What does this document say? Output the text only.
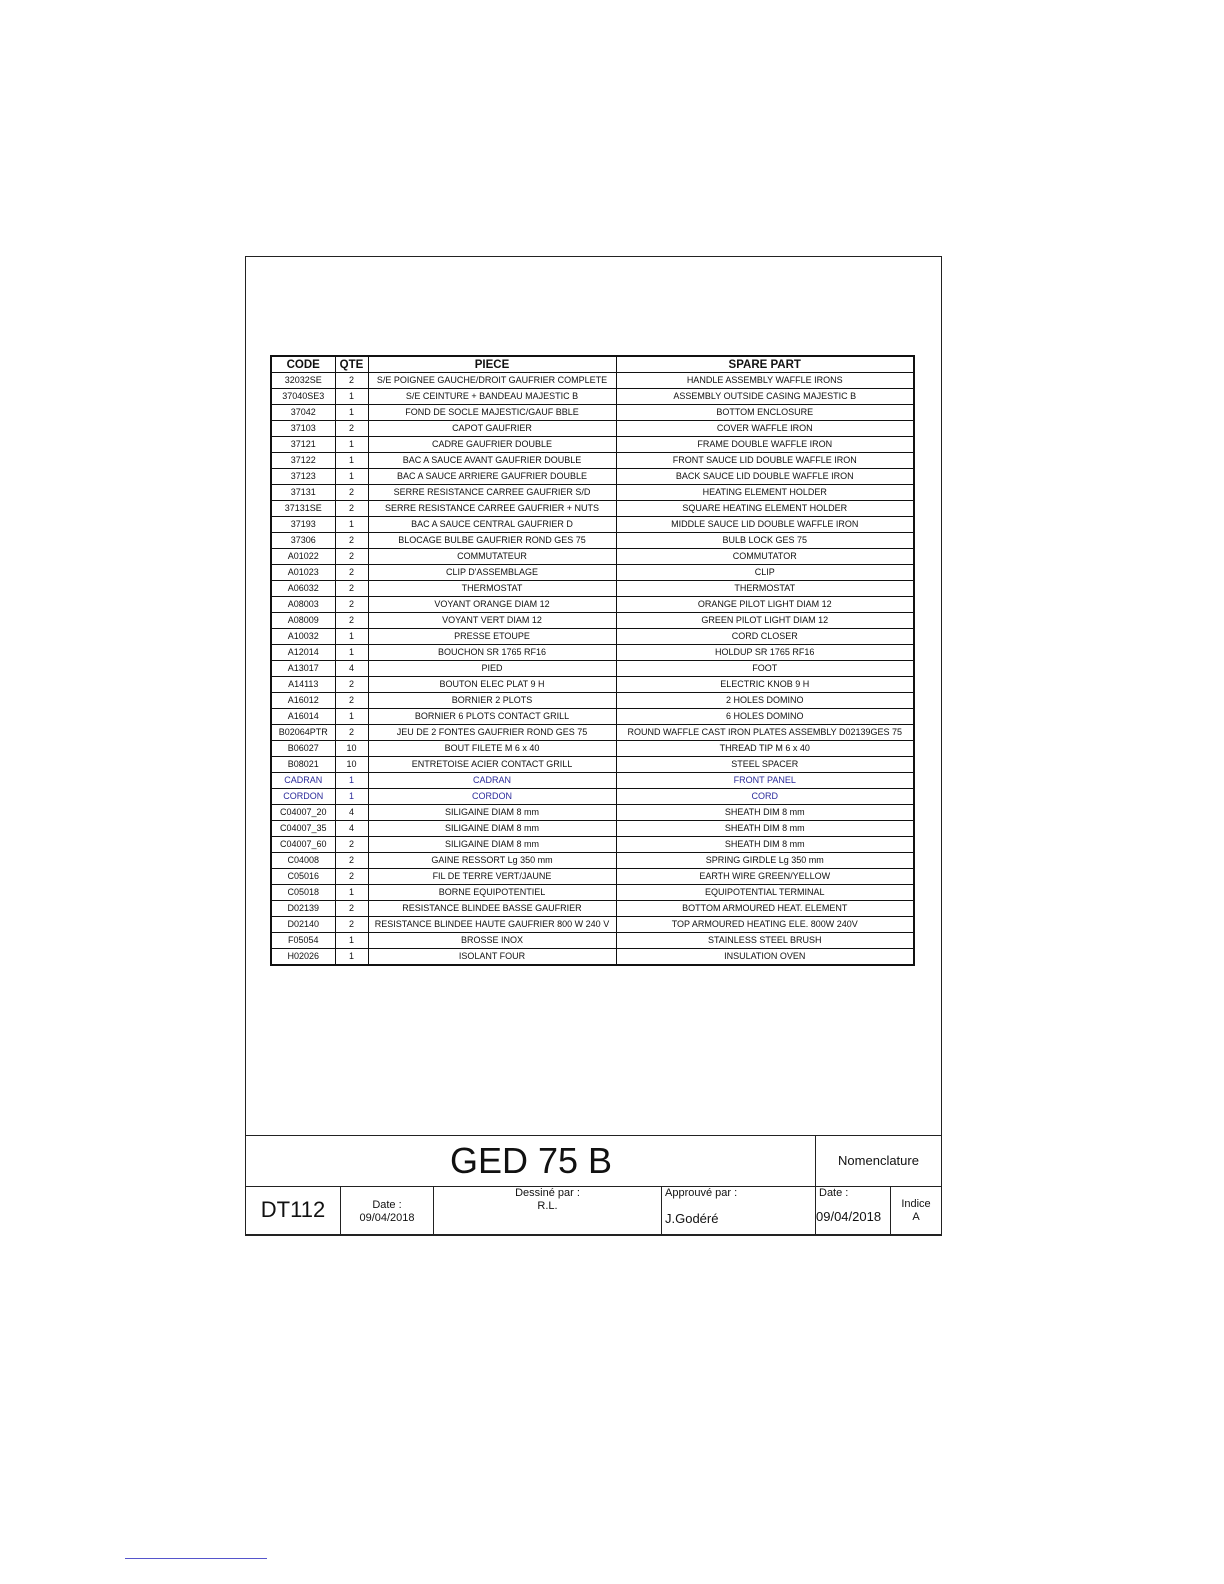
CODE	QTE	PIECE	SPARE PART
32032SE	2	S/E POIGNEE GAUCHE/DROIT GAUFRIER COMPLETE	HANDLE ASSEMBLY WAFFLE IRONS
37040SE3	1	S/E CEINTURE + BANDEAU MAJESTIC B	ASSEMBLY OUTSIDE CASING MAJESTIC B
37042	1	FOND DE SOCLE MAJESTIC/GAUF BBLE	BOTTOM ENCLOSURE
37103	2	CAPOT GAUFRIER	COVER WAFFLE IRON
37121	1	CADRE GAUFRIER DOUBLE	FRAME DOUBLE WAFFLE IRON
37122	1	BAC A SAUCE AVANT GAUFRIER DOUBLE	FRONT SAUCE LID DOUBLE WAFFLE IRON
37123	1	BAC A SAUCE ARRIERE GAUFRIER DOUBLE	BACK SAUCE LID DOUBLE WAFFLE IRON
37131	2	SERRE RESISTANCE CARREE GAUFRIER S/D	HEATING ELEMENT HOLDER
37131SE	2	SERRE RESISTANCE CARREE GAUFRIER + NUTS	SQUARE HEATING ELEMENT HOLDER
37193	1	BAC A SAUCE CENTRAL GAUFRIER D	MIDDLE SAUCE LID DOUBLE WAFFLE IRON
37306	2	BLOCAGE BULBE GAUFRIER ROND GES 75	BULB LOCK GES 75
A01022	2	COMMUTATEUR	COMMUTATOR
A01023	2	CLIP D'ASSEMBLAGE	CLIP
A06032	2	THERMOSTAT	THERMOSTAT
A08003	2	VOYANT ORANGE DIAM 12	ORANGE PILOT LIGHT DIAM 12
A08009	2	VOYANT VERT DIAM 12	GREEN PILOT LIGHT DIAM 12
A10032	1	PRESSE ETOUPE	CORD CLOSER
A12014	1	BOUCHON SR 1765 RF16	HOLDUP SR 1765 RF16
A13017	4	PIED	FOOT
A14113	2	BOUTON ELEC PLAT 9 H	ELECTRIC KNOB 9 H
A16012	2	BORNIER 2 PLOTS	2 HOLES DOMINO
A16014	1	BORNIER 6 PLOTS CONTACT GRILL	6 HOLES DOMINO
B02064PTR	2	JEU DE 2 FONTES GAUFRIER ROND GES 75	ROUND WAFFLE CAST IRON PLATES ASSEMBLY D02139GES 75
B06027	10	BOUT FILETE M 6 x 40	THREAD TIP M 6 x 40
B08021	10	ENTRETOISE ACIER CONTACT GRILL	STEEL SPACER
CADRAN	1	CADRAN	FRONT PANEL
CORDON	1	CORDON	CORD
C04007_20	4	SILIGAINE DIAM 8 mm	SHEATH DIM 8 mm
C04007_35	4	SILIGAINE DIAM 8 mm	SHEATH DIM 8 mm
C04007_60	2	SILIGAINE DIAM 8 mm	SHEATH DIM 8 mm
C04008	2	GAINE RESSORT Lg 350 mm	SPRING GIRDLE Lg 350 mm
C05016	2	FIL DE TERRE VERT/JAUNE	EARTH WIRE GREEN/YELLOW
C05018	1	BORNE EQUIPOTENTIEL	EQUIPOTENTIAL TERMINAL
D02139	2	RESISTANCE BLINDEE BASSE GAUFRIER	BOTTOM ARMOURED HEAT. ELEMENT
D02140	2	RESISTANCE BLINDEE HAUTE GAUFRIER 800 W 240 V	TOP ARMOURED HEATING ELE. 800W 240V
F05054	1	BROSSE INOX	STAINLESS STEEL BRUSH
H02026	1	ISOLANT FOUR	INSULATION OVEN
GED 75 B	Nomenclature
DT112	Date :
09/04/2018
Dessiné par :
R.L.
Approuvé par :
J.Godéré
Date :
09/04/2018
Indice
A
